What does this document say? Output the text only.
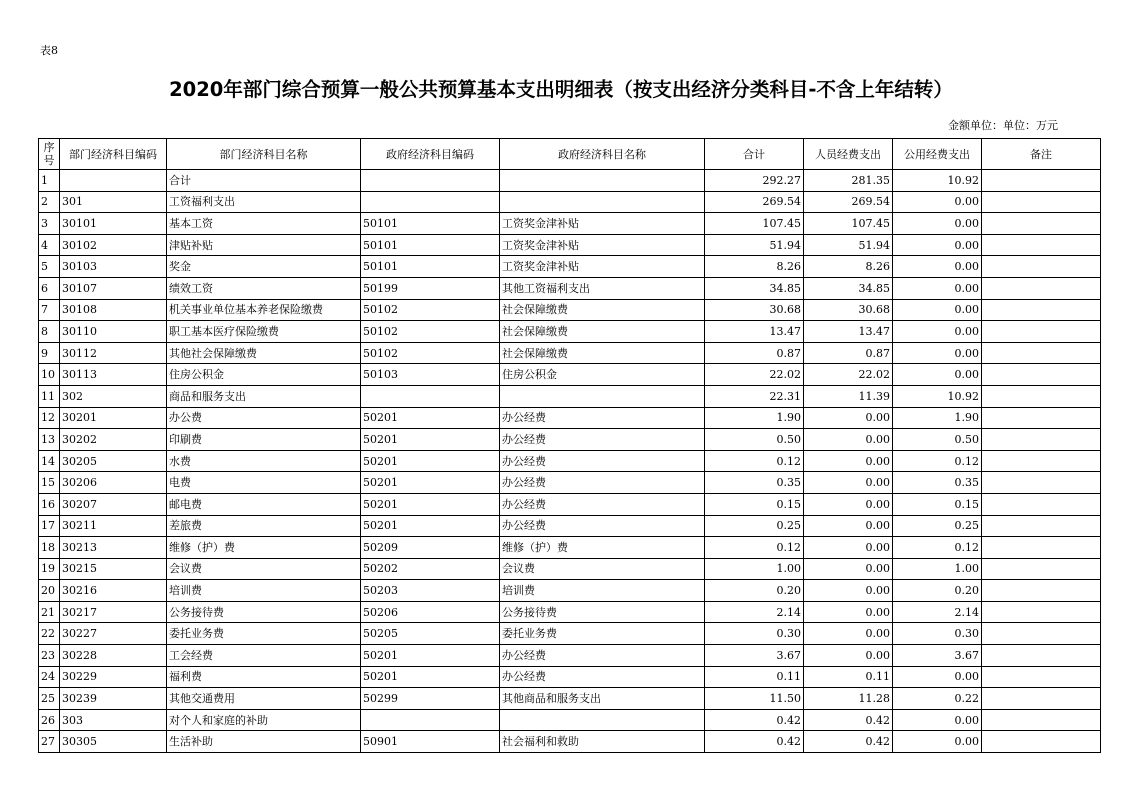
表8
2020年部门综合预算一般公共预算基本支出明细表（按支出经济分类科目-不含上年结转）
金额单位：单位：万元
序号	部门经济科目编码	部门经济科目名称	政府经济科目编码	政府经济科目名称	合计	人员经费支出	公用经费支出	备注
1		合计			292.27	281.35	10.92	
2	301	工资福利支出			269.54	269.54	0.00	
3	30101	基本工资	50101	工资奖金津补贴	107.45	107.45	0.00	
4	30102	津贴补贴	50101	工资奖金津补贴	51.94	51.94	0.00	
5	30103	奖金	50101	工资奖金津补贴	8.26	8.26	0.00	
6	30107	绩效工资	50199	其他工资福利支出	34.85	34.85	0.00	
7	30108	机关事业单位基本养老保险缴费	50102	社会保障缴费	30.68	30.68	0.00	
8	30110	职工基本医疗保险缴费	50102	社会保障缴费	13.47	13.47	0.00	
9	30112	其他社会保障缴费	50102	社会保障缴费	0.87	0.87	0.00	
10	30113	住房公积金	50103	住房公积金	22.02	22.02	0.00	
11	302	商品和服务支出			22.31	11.39	10.92	
12	30201	办公费	50201	办公经费	1.90	0.00	1.90	
13	30202	印刷费	50201	办公经费	0.50	0.00	0.50	
14	30205	水费	50201	办公经费	0.12	0.00	0.12	
15	30206	电费	50201	办公经费	0.35	0.00	0.35	
16	30207	邮电费	50201	办公经费	0.15	0.00	0.15	
17	30211	差旅费	50201	办公经费	0.25	0.00	0.25	
18	30213	维修（护）费	50209	维修（护）费	0.12	0.00	0.12	
19	30215	会议费	50202	会议费	1.00	0.00	1.00	
20	30216	培训费	50203	培训费	0.20	0.00	0.20	
21	30217	公务接待费	50206	公务接待费	2.14	0.00	2.14	
22	30227	委托业务费	50205	委托业务费	0.30	0.00	0.30	
23	30228	工会经费	50201	办公经费	3.67	0.00	3.67	
24	30229	福利费	50201	办公经费	0.11	0.11	0.00	
25	30239	其他交通费用	50299	其他商品和服务支出	11.50	11.28	0.22	
26	303	对个人和家庭的补助			0.42	0.42	0.00	
27	30305	生活补助	50901	社会福利和救助	0.42	0.42	0.00	
